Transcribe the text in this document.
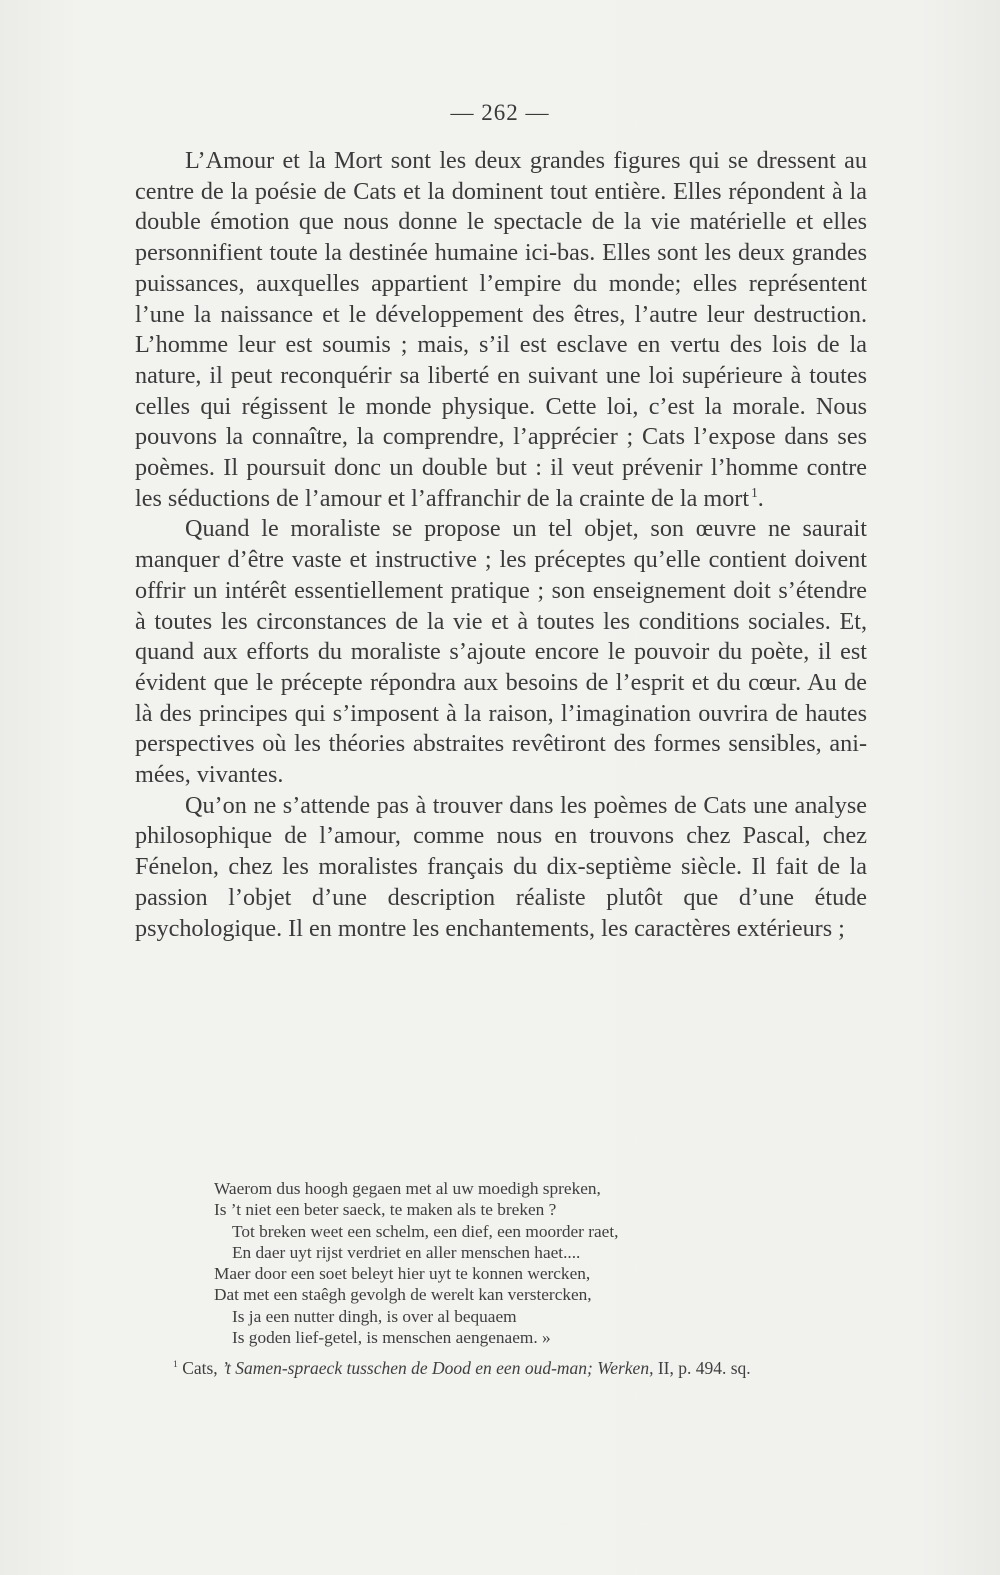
— 262 —

L’Amour et la Mort sont les deux grandes figures qui se dressent au centre de la poésie de Cats et la dominent tout entière. Elles répondent à la double émotion que nous donne le spectacle de la vie matérielle et elles personnifient toute la destinée humaine ici-bas. Elles sont les deux grandes puissances, auxquelles appartient l’empire du monde; elles représentent l’une la naissance et le développement des êtres, l’autre leur destruction. L’homme leur est soumis ; mais, s’il est esclave en vertu des lois de la nature, il peut reconquérir sa liberté en suivant une loi supérieure à toutes celles qui régissent le monde physique. Cette loi, c’est la morale. Nous pouvons la connaître, la comprendre, l’apprécier ; Cats l’expose dans ses poèmes. Il poursuit donc un double but : il veut prévenir l’homme contre les séductions de l’amour et l’affranchir de la crainte de la mort  $^1$.

Quand le moraliste se propose un tel objet, son œuvre ne saurait manquer d’être vaste et instructive ; les préceptes qu’elle contient doivent offrir un intérêt essentiellement pratique ; son enseignement doit s’étendre à toutes les circonstances de la vie et à toutes les conditions sociales. Et, quand aux efforts du moraliste s’ajoute encore le pouvoir du poète, il est évident que le précepte répondra aux besoins de l’esprit et du cœur. Au de là des principes qui s’imposent à la raison, l’imagination ouvrira de hautes perspectives où les théories abstraites revêtiront des formes sensibles, animées, vivantes.

Qu’on ne s’attende pas à trouver dans les poèmes de Cats une analyse philosophique de l’amour, comme nous en trouvons chez Pascal, chez Fénelon, chez les moralistes français du dix-septième siècle. Il fait de la passion l’objet d’une description réaliste plutôt que d’une étude psychologique. Il en montre les enchantements, les caractères extérieurs ;

Waerom dus hoogh gegaen met al uw moedigh spreken,
Is ’t niet een beter saeck, te maken als te breken ?
Tot breken weet een schelm, een dief, een moorder raet,
En daer uyt rijst verdriet en aller menschen haet....
Maer door een soet beleyt hier uyt te konnen wercken,
Dat met een staêgh gevolgh de werelt kan verstercken,
Is ja een nutter dingh, is over al bequaem
Is goden lief-getel, is menschen aengenaem. »
$^1$ Cats, ’t Samen-spraeck tusschen de Dood en een oud-man; Werken, II, p. 494. sq.
